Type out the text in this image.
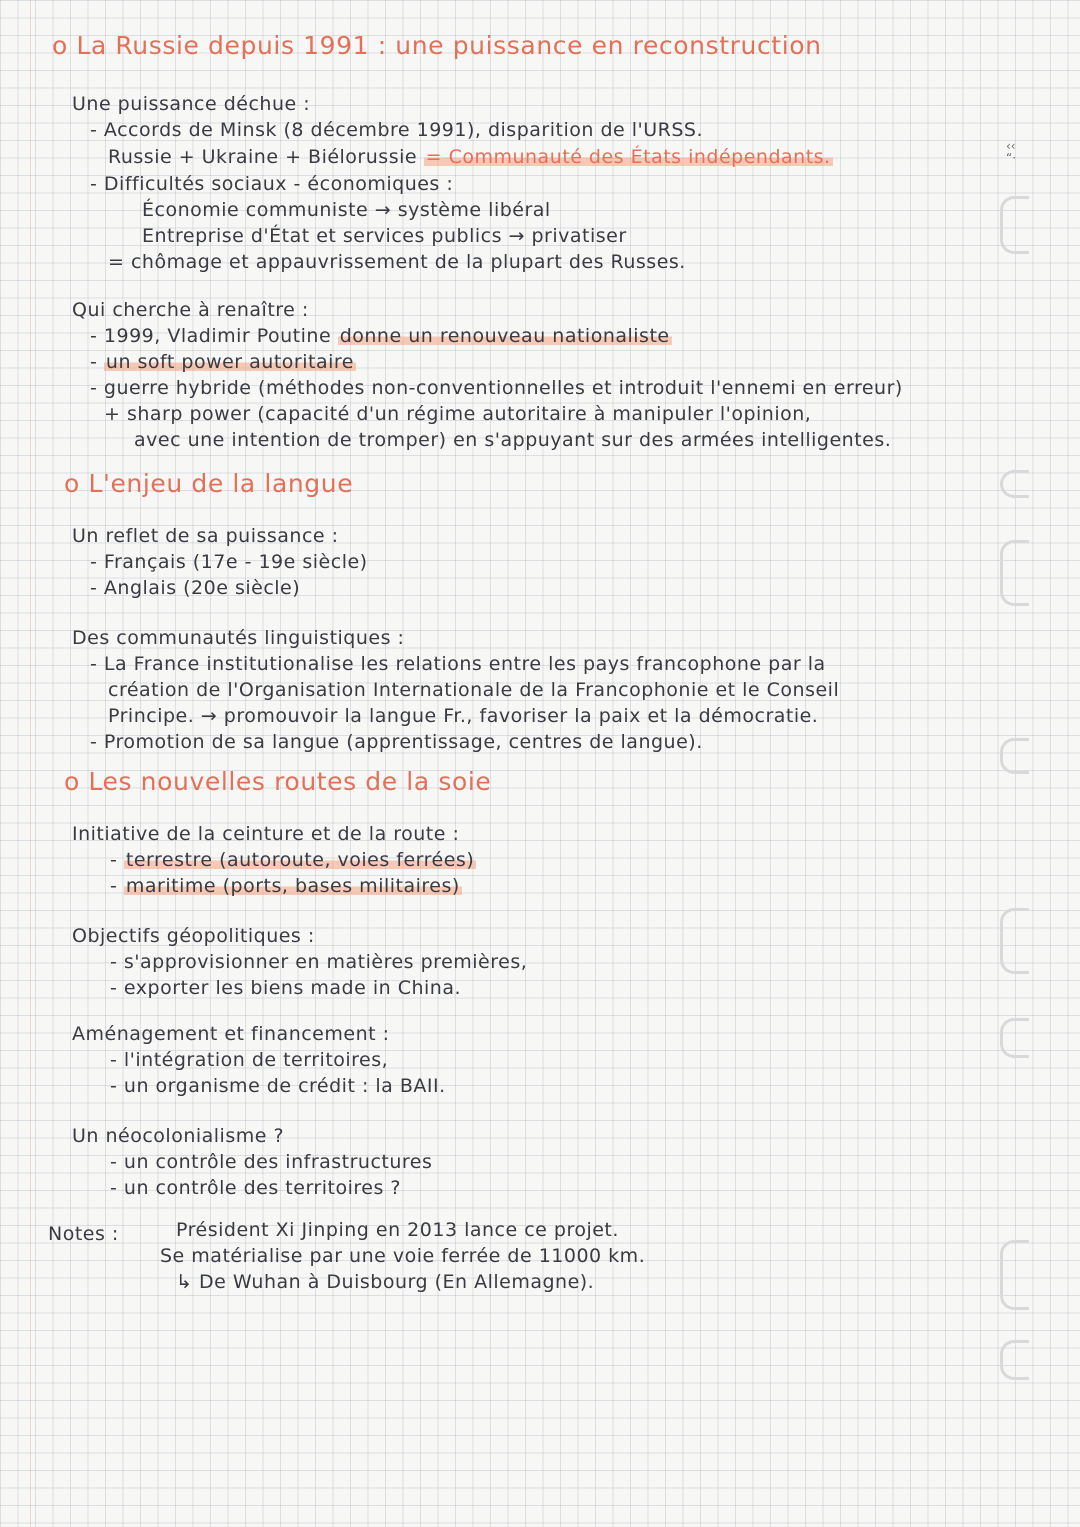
‹‹
“·
o La Russie depuis 1991 : une puissance en reconstruction
Une puissance déchue :
- Accords de Minsk (8 décembre 1991), disparition de l'URSS.
Russie + Ukraine + Biélorussie = Communauté des États indépendants.
- Difficultés sociaux - économiques :
Économie communiste → système libéral
Entreprise d'État et services publics → privatiser
= chômage et appauvrissement de la plupart des Russes.
Qui cherche à renaître :
- 1999, Vladimir Poutine donne un renouveau nationaliste
- un soft power autoritaire
- guerre hybride (méthodes non-conventionnelles et introduit l'ennemi en erreur)
+ sharp power (capacité d'un régime autoritaire à manipuler l'opinion,
avec une intention de tromper) en s'appuyant sur des armées intelligentes.
o L'enjeu de la langue
Un reflet de sa puissance :
- Français (17e - 19e siècle)
- Anglais (20e siècle)
Des communautés linguistiques :
- La France institutionalise les relations entre les pays francophone par la
création de l'Organisation Internationale de la Francophonie et le Conseil
Principe. → promouvoir la langue Fr., favoriser la paix et la démocratie.
- Promotion de sa langue (apprentissage, centres de langue).
o Les nouvelles routes de la soie
Initiative de la ceinture et de la route :
- terrestre (autoroute, voies ferrées)
- maritime (ports, bases militaires)
Objectifs géopolitiques :
- s'approvisionner en matières premières,
- exporter les biens made in China.
Aménagement et financement :
- l'intégration de territoires,
- un organisme de crédit : la BAII.
Un néocolonialisme ?
- un contrôle des infrastructures
- un contrôle des territoires ?
Notes :	Président Xi Jinping en 2013 lance ce projet.
Se matérialise par une voie ferrée de 11000 km.
↳ De Wuhan à Duisbourg (En Allemagne).
